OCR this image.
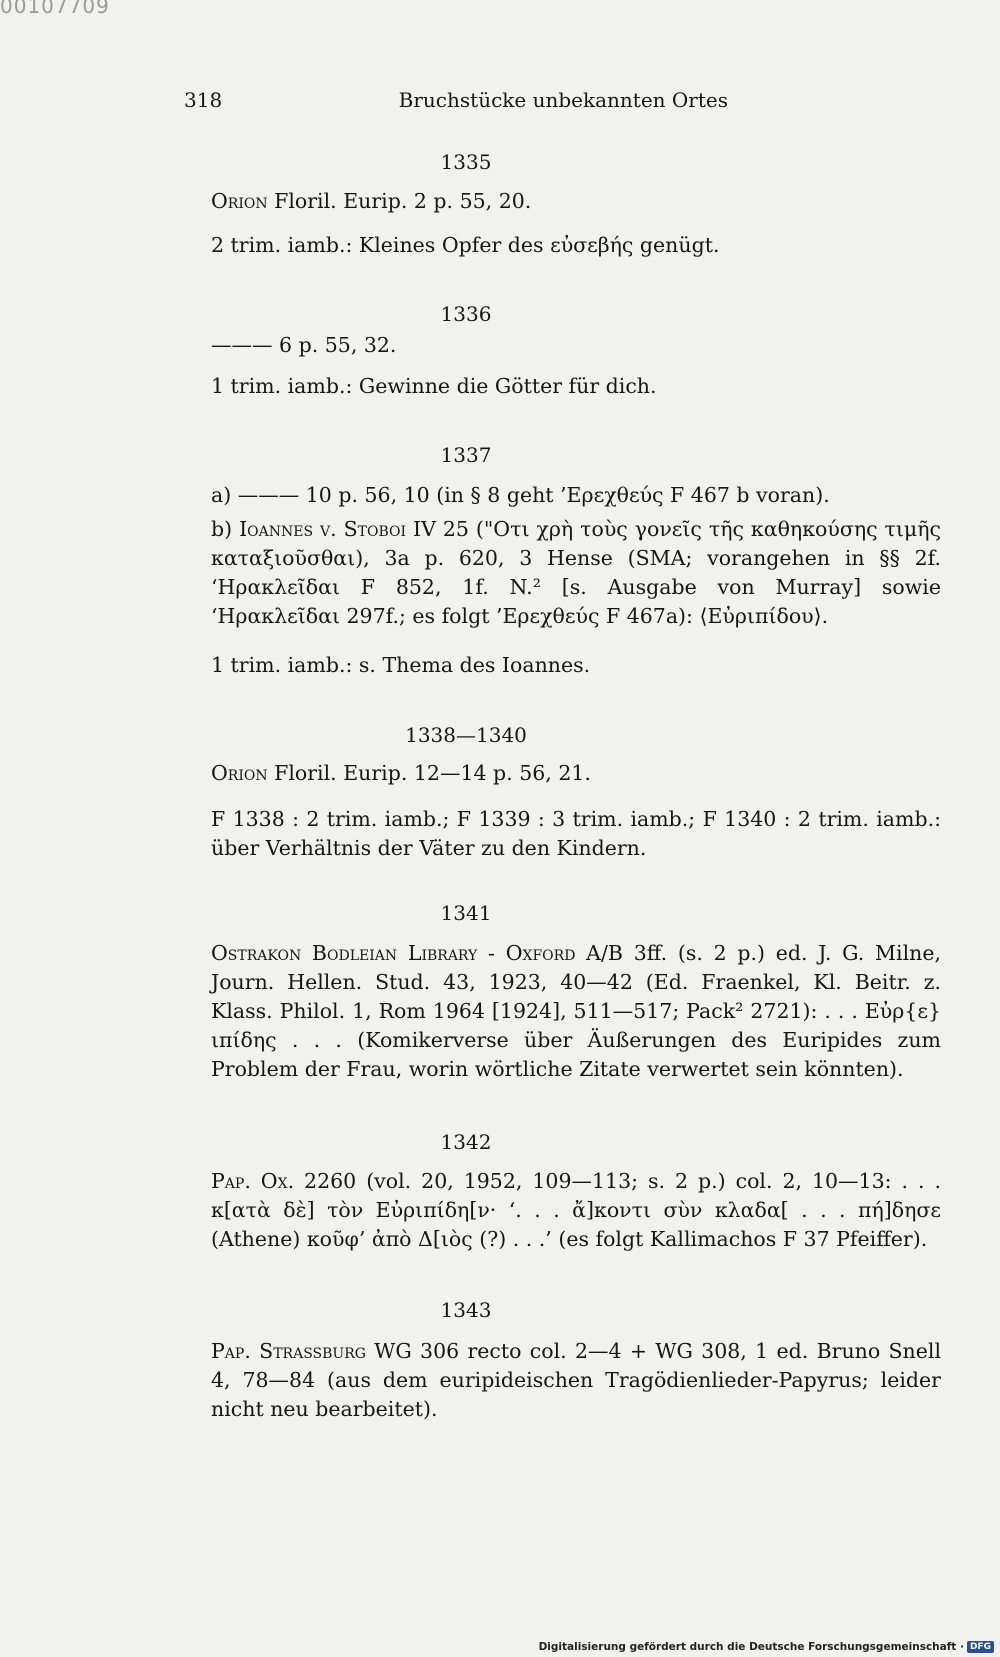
00107709
318	Bruchstücke unbekannten Ortes
1335
Orion Floril. Eurip. 2 p. 55, 20.
2 trim. iamb.: Kleines Opfer des εὐσεβής genügt.
1336
——— 6 p. 55, 32.
1 trim. iamb.: Gewinne die Götter für dich.
1337
a) ——— 10 p. 56, 10 (in § 8 geht ’Ερεχθεύς F 467 b voran).
b) Ioannes v. Stoboi IV 25 ("Οτι χρὴ τοὺς γονεῖς τῆς καθηκούσης τιμῆς καταξιοῦσθαι), 3a p. 620, 3 Hense (SMA; vorangehen in §§ 2f. ‘Ηρακλεῖδαι F 852, 1f. N.² [s. Ausgabe von Murray] sowie ‘Ηρακλεῖδαι 297f.; es folgt ’Ερεχθεύς F 467a): ⟨Εὐριπίδου⟩.
1 trim. iamb.: s. Thema des Ioannes.
1338—1340
Orion Floril. Eurip. 12—14 p. 56, 21.
F 1338 : 2 trim. iamb.; F 1339 : 3 trim. iamb.; F 1340 : 2 trim. iamb.: über Verhältnis der Väter zu den Kindern.
1341
Ostrakon Bodleian Library - Oxford A/B 3ff. (s. 2 p.) ed. J. G. Milne, Journ. Hellen. Stud. 43, 1923, 40—42 (Ed. Fraenkel, Kl. Beitr. z. Klass. Philol. 1, Rom 1964 [1924], 511—517; Pack² 2721): . . . Εὐρ{ε}ιπίδης . . . (Komikerverse über Äußerungen des Euripides zum Problem der Frau, worin wörtliche Zitate verwertet sein könnten).
1342
Pap. Ox. 2260 (vol. 20, 1952, 109—113; s. 2 p.) col. 2, 10—13: . . . κ[ατὰ δὲ] τὸν Εὐριπίδη[ν· ‘. . . ἄ]κοντι σὺν κλαδα[ . . . πή]δησε (Athene) κοῦφ’ ἀπὸ Δ[ιὸς (?) . . .’ (es folgt Kallimachos F 37 Pfeiffer).
1343
Pap. Strassburg WG 306 recto col. 2—4 + WG 308, 1 ed. Bruno Snell 4, 78—84 (aus dem euripideischen Tragödienlieder-Papyrus; leider nicht neu bearbeitet).
Digitalisierung gefördert durch die Deutsche Forschungsgemeinschaft · DFG
